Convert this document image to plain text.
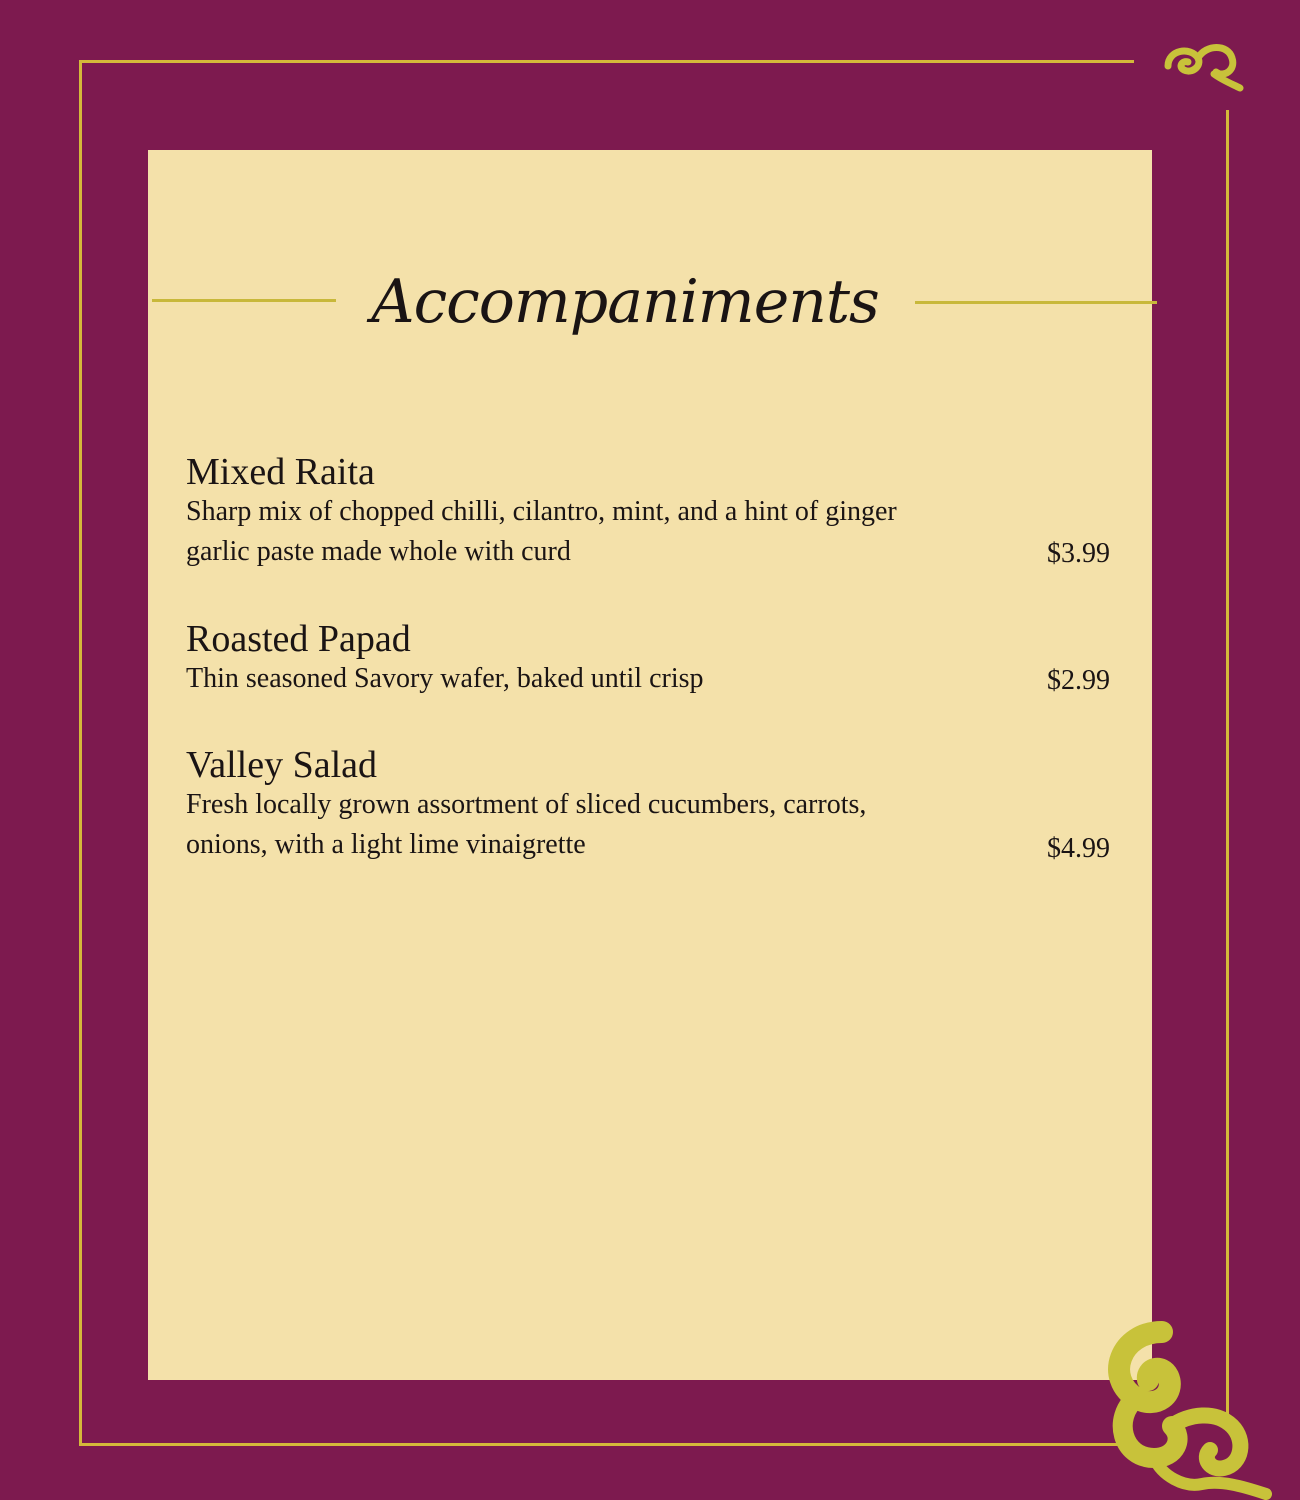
Accompaniments

Mixed Raita

Sharp mix of chopped chilli, cilantro, mint, and a hint of ginger garlic paste made whole with curd	$3.99

Roasted Papad

Thin seasoned Savory wafer, baked until crisp	$2.99

Valley Salad

Fresh locally grown assortment of sliced cucumbers, carrots, onions, with a light lime vinaigrette	$4.99
